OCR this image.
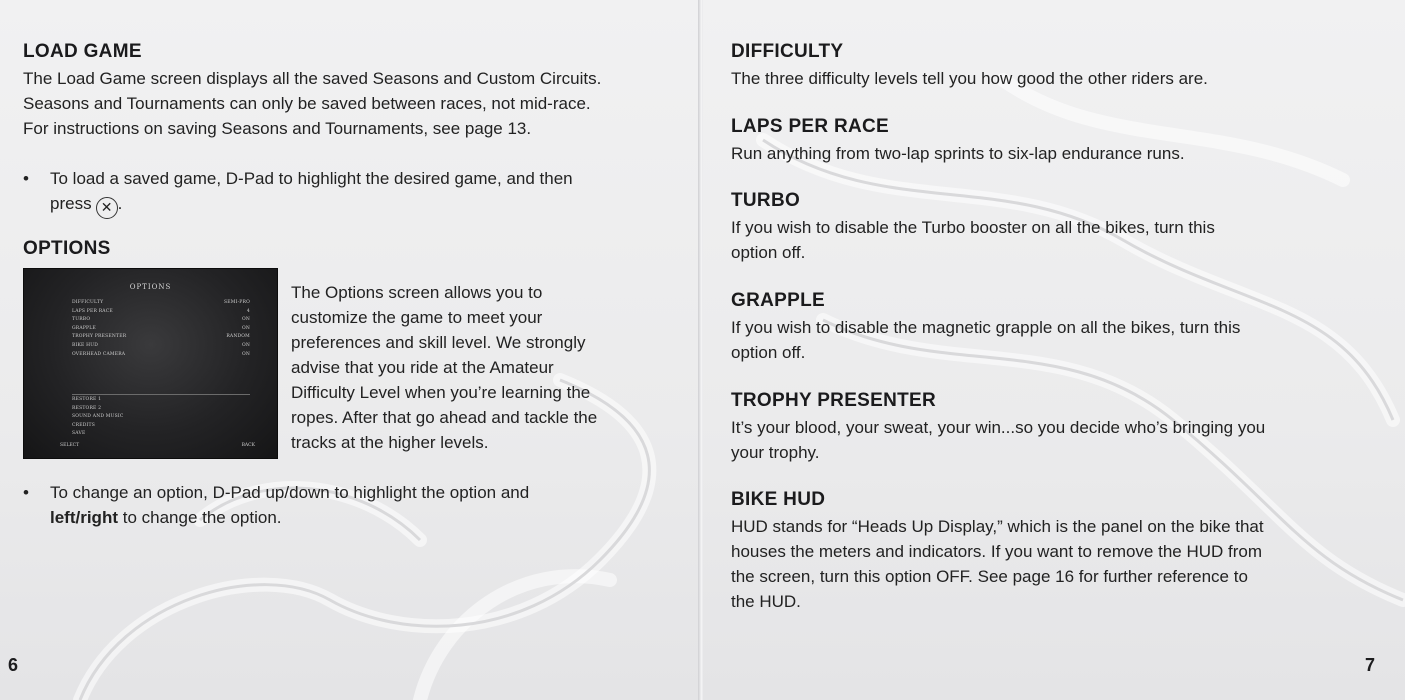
LOAD GAME
The Load Game screen displays all the saved Seasons and Custom Circuits.
Seasons and Tournaments can only be saved between races, not mid-race.
For instructions on saving Seasons and Tournaments, see page 13.
•	To load a saved game, D-Pad to highlight the desired game, and then
press ✕ .
OPTIONS
OPTIONS
DIFFICULTY	SEMI-PRO
LAPS PER RACE	4
TURBO	ON
GRAPPLE	ON
TROPHY PRESENTER	RANDOM
BIKE HUD	ON
OVERHEAD CAMERA	ON
RESTORE 1
RESTORE 2
SOUND AND MUSIC
CREDITS
SAVE
SELECT	BACK
The Options screen allows you to
customize the game to meet your
preferences and skill level. We strongly
advise that you ride at the Amateur
Difficulty Level when you’re learning the
ropes. After that go ahead and tackle the
tracks at the higher levels.
•	To change an option, D-Pad up/down to highlight the option and
left/right to change the option.
6
DIFFICULTY
The three difficulty levels tell you how good the other riders are.
LAPS PER RACE
Run anything from two-lap sprints to six-lap endurance runs.
TURBO
If you wish to disable the Turbo booster on all the bikes, turn this
option off.
GRAPPLE
If you wish to disable the magnetic grapple on all the bikes, turn this
option off.
TROPHY PRESENTER
It’s your blood, your sweat, your win...so you decide who’s bringing you
your trophy.
BIKE HUD
HUD stands for “Heads Up Display,” which is the panel on the bike that
houses the meters and indicators. If you want to remove the HUD from
the screen, turn this option OFF. See page 16 for further reference to
the HUD.
7
